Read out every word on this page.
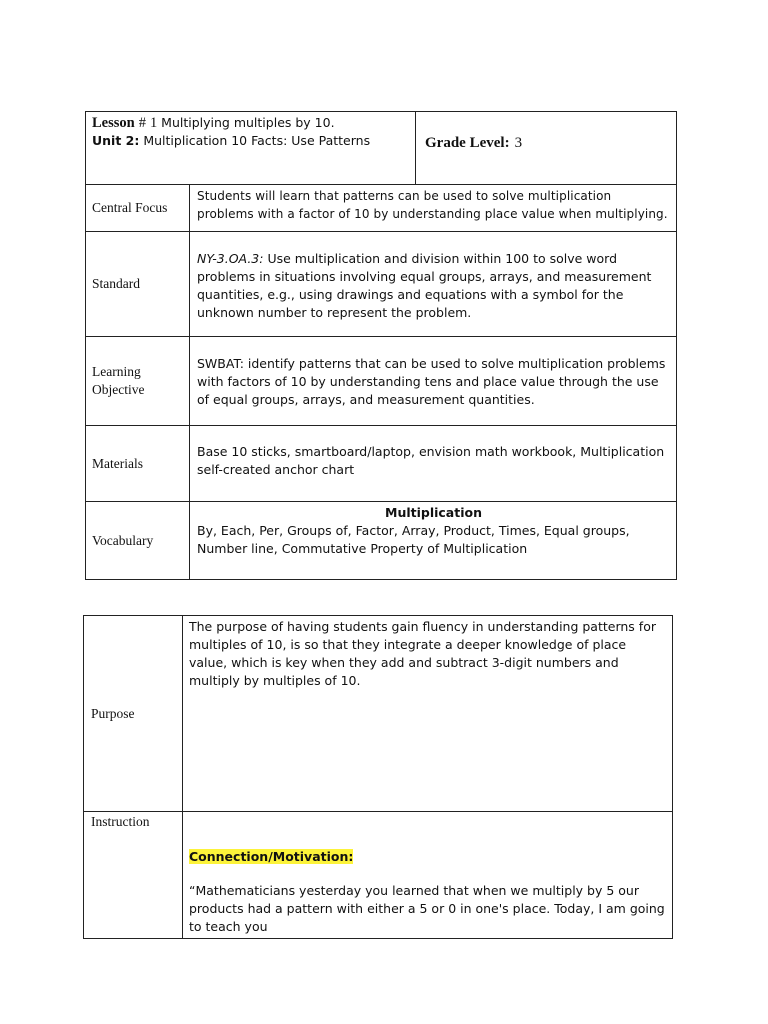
Lesson # 1 Multiplying multiples by 10.
Unit 2: Multiplication 10 Facts: Use Patterns		Grade Level: 3
Central Focus	Students will learn that patterns can be used to solve multiplication problems with a factor of 10 by understanding place value when multiplying.	
Standard	NY-3.OA.3: Use multiplication and division within 100 to solve word problems in situations involving equal groups, arrays, and measurement quantities, e.g., using drawings and equations with a symbol for the unknown number to represent the problem.	

Learning
Objective	SWBAT: identify patterns that can be used to solve multiplication problems with factors of 10 by understanding tens and place value through the use of equal groups, arrays, and measurement quantities.	
Materials	Base 10 sticks, smartboard/laptop, envision math workbook, Multiplication self-created anchor chart	
Vocabulary	Multiplication
By, Each, Per, Groups of, Factor, Array, Product, Times, Equal groups, Number line, Commutative Property of Multiplication	
Purpose	The purpose of having students gain fluency in understanding patterns for multiples of 10, is so that they integrate a deeper knowledge of place value, which is key when they add and subtract 3-digit numbers and multiply by multiples of 10.
Instruction	Connection/Motivation:
“Mathematicians yesterday you learned that when we multiply by 5 our products had a pattern with either a 5 or 0 in one's place. Today, I am going to teach you
